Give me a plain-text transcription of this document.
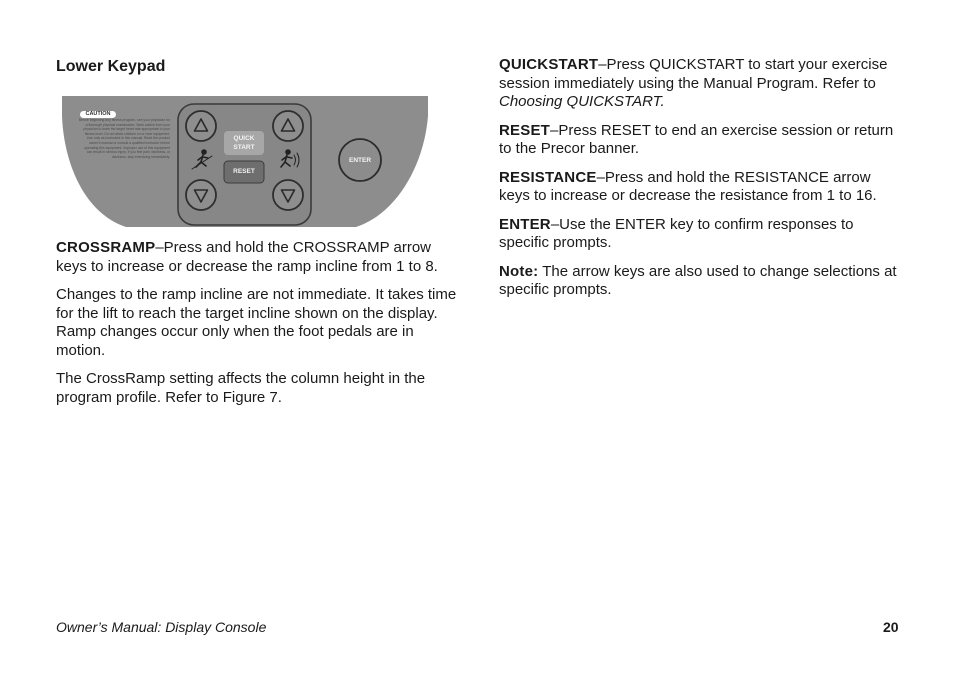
Lower Keypad
CAUTION
Before beginning any fitness program, see your physician for a thorough physical examination. Seek advice from your physician to learn the target heart rate appropriate to your fitness level. Do not allow children on or near equipment. Use only as instructed in this manual. Read the product owner's manual or consult a qualified instructor before operating this equipment. Improper use of this equipment can result in serious injury. If you feel pain, faintness, or dizziness, stop exercising immediately.
QUICK
START
RESET
ENTER

CROSSRAMP–Press and hold the CROSSRAMP arrow keys to increase or decrease the ramp incline from 1 to 8.

Changes to the ramp incline are not immediate. It takes time for the lift to reach the target incline shown on the display. Ramp changes occur only when the foot pedals are in motion.

The CrossRamp setting affects the column height in the program profile. Refer to Figure 7.

QUICKSTART–Press QUICKSTART to start your exercise session immediately using the Manual Program. Refer to Choosing QUICKSTART.

RESET–Press RESET to end an exercise session or return to the Precor banner.

RESISTANCE–Press and hold the RESISTANCE arrow keys to increase or decrease the resistance from 1 to 16.

ENTER–Use the ENTER key to confirm responses to specific prompts.

Note: The arrow keys are also used to change selections at specific prompts.

Owner’s Manual: Display Console	20
